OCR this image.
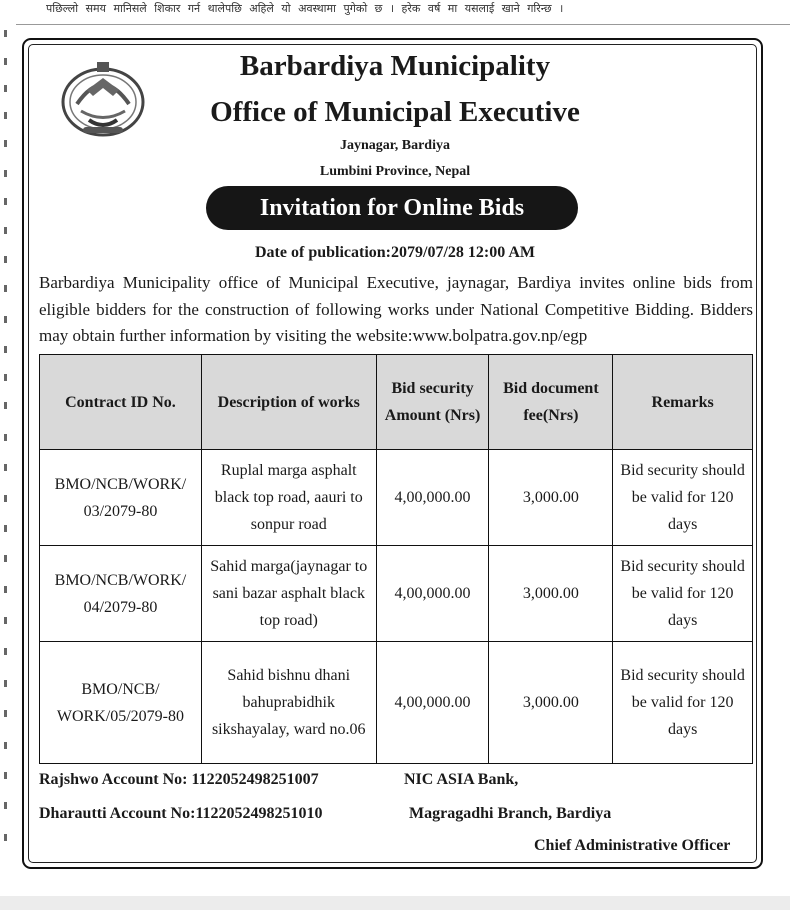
पछिल्लो समय मानिसले शिकार गर्न थालेपछि अहिले यो अवस्थामा पुगेको छ । हरेक वर्ष मा यसलाई खाने गरिन्छ ।
Barbardiya Municipality
Office of Municipal Executive
Jaynagar, Bardiya
Lumbini Province, Nepal
Invitation for Online Bids
Date of publication:2079/07/28 12:00 AM
Barbardiya Municipality office of Municipal Executive, jaynagar, Bardiya invites online bids from eligible bidders for the construction of following works under National Competitive Bidding. Bidders may obtain further information by visiting the website:www.bolpatra.gov.np/egp
Contract ID No.	Description of works	Bid security Amount (Nrs)	Bid document fee(Nrs)	Remarks
BMO/NCB/WORK/ 03/2079-80	Ruplal marga asphalt black top road, aauri to sonpur road	4,00,000.00	3,000.00	Bid security should be valid for 120 days
BMO/NCB/WORK/ 04/2079-80	Sahid marga(jaynagar to sani bazar asphalt black top road)	4,00,000.00	3,000.00	Bid security should be valid for 120 days
BMO/NCB/ WORK/05/2079-80	Sahid bishnu dhani bahuprabidhik sikshayalay, ward no.06	4,00,000.00	3,000.00	Bid security should be valid for 120 days
Rajshwo Account No: 1122052498251007	NIC ASIA Bank,
Dharautti Account No:1122052498251010	Magragadhi Branch, Bardiya
Chief Administrative Officer
